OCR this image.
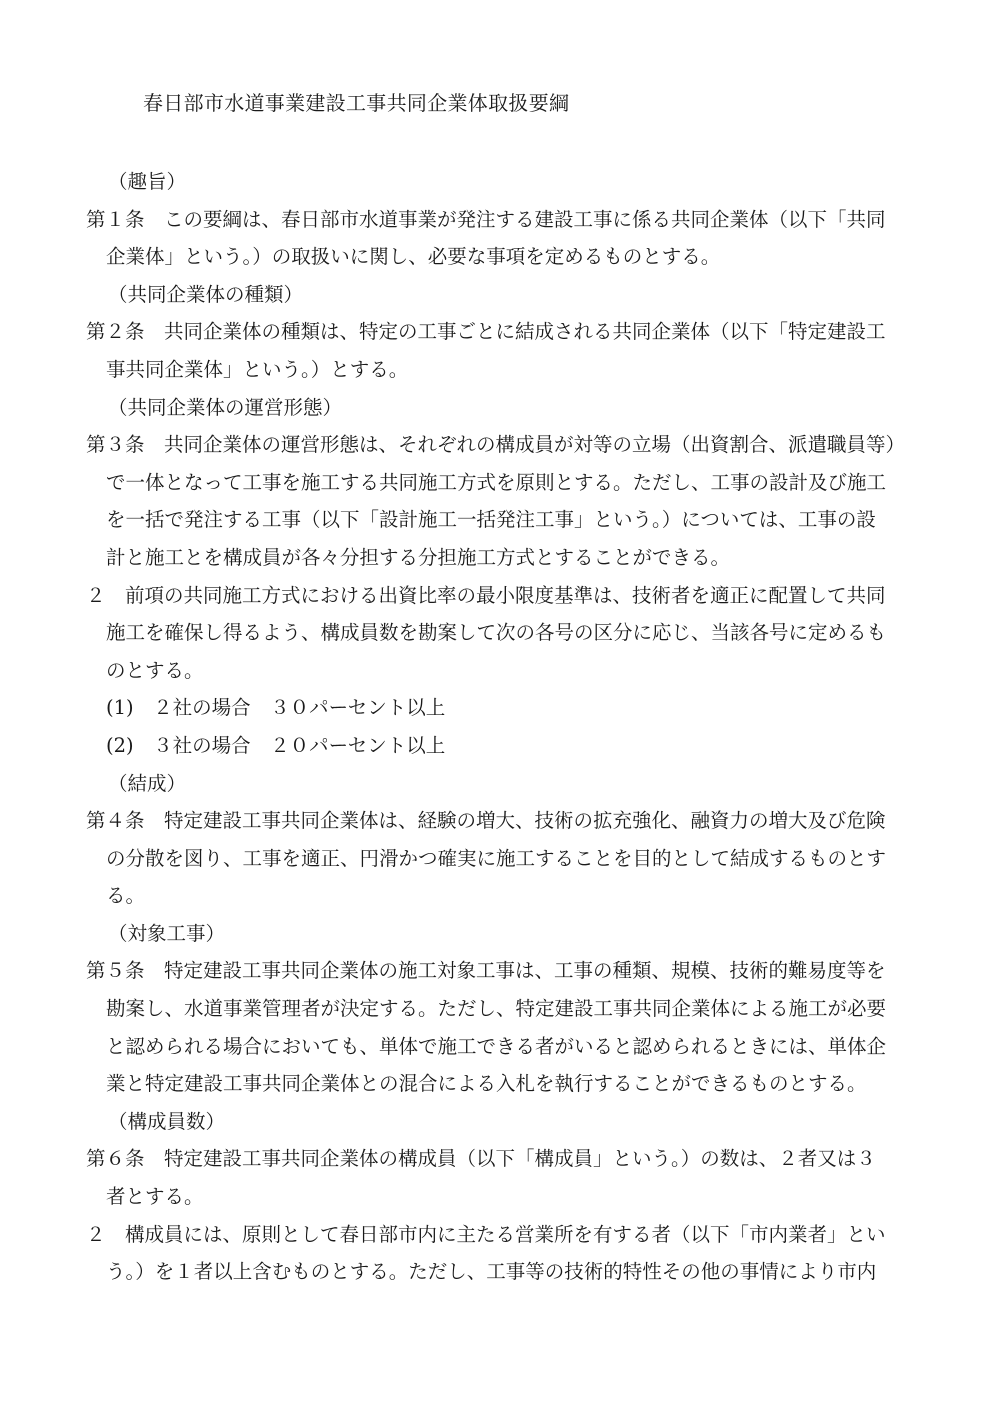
春日部市水道事業建設工事共同企業体取扱要綱
（趣旨）
第１条　この要綱は、春日部市水道事業が発注する建設工事に係る共同企業体（以下「共同
企業体」という。）の取扱いに関し、必要な事項を定めるものとする。
（共同企業体の種類）
第２条　共同企業体の種類は、特定の工事ごとに結成される共同企業体（以下「特定建設工
事共同企業体」という。）とする。
（共同企業体の運営形態）
第３条　共同企業体の運営形態は、それぞれの構成員が対等の立場（出資割合、派遣職員等）
で一体となって工事を施工する共同施工方式を原則とする。ただし、工事の設計及び施工
を一括で発注する工事（以下「設計施工一括発注工事」という。）については、工事の設
計と施工とを構成員が各々分担する分担施工方式とすることができる。
２　前項の共同施工方式における出資比率の最小限度基準は、技術者を適正に配置して共同
施工を確保し得るよう、構成員数を勘案して次の各号の区分に応じ、当該各号に定めるも
のとする。
(1)　２社の場合　３０パーセント以上
(2)　３社の場合　２０パーセント以上
（結成）
第４条　特定建設工事共同企業体は、経験の増大、技術の拡充強化、融資力の増大及び危険
の分散を図り、工事を適正、円滑かつ確実に施工することを目的として結成するものとす
る。
（対象工事）
第５条　特定建設工事共同企業体の施工対象工事は、工事の種類、規模、技術的難易度等を
勘案し、水道事業管理者が決定する。ただし、特定建設工事共同企業体による施工が必要
と認められる場合においても、単体で施工できる者がいると認められるときには、単体企
業と特定建設工事共同企業体との混合による入札を執行することができるものとする。
（構成員数）
第６条　特定建設工事共同企業体の構成員（以下「構成員」という。）の数は、２者又は３
者とする。
２　構成員には、原則として春日部市内に主たる営業所を有する者（以下「市内業者」とい
う。）を１者以上含むものとする。ただし、工事等の技術的特性その他の事情により市内
